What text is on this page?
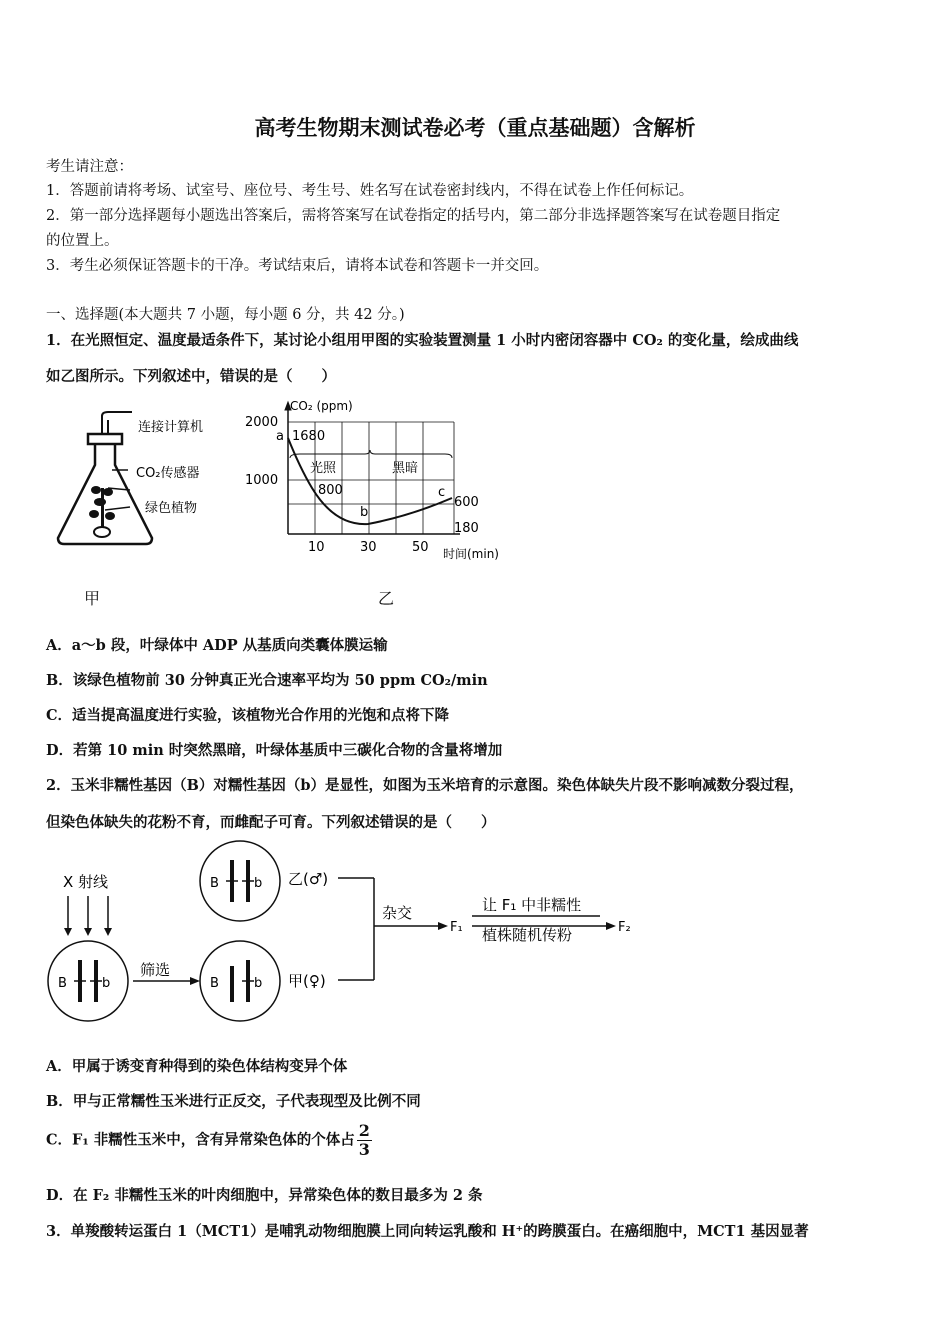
高考生物期末测试卷必考（重点基础题）含解析
考生请注意：
1．答题前请将考场、试室号、座位号、考生号、姓名写在试卷密封线内，不得在试卷上作任何标记。
2．第一部分选择题每小题选出答案后，需将答案写在试卷指定的括号内，第二部分非选择题答案写在试卷题目指定
的位置上。
3．考生必须保证答题卡的干净。考试结束后，请将本试卷和答题卡一并交回。
一、选择题(本大题共 7 小题，每小题 6 分，共 42 分。)
1．在光照恒定、温度最适条件下，某讨论小组用甲图的实验装置测量 1 小时内密闭容器中 CO₂ 的变化量，绘成曲线
如乙图所示。下列叙述中，错误的是（　　）
连接计算机
CO₂传感器
绿色植物
甲
CO₂ (ppm)
2000
1000
a 1680
光照	黑暗
800
b
c
600
180
10	30	50 时间(min)
乙
A．a～b 段，叶绿体中 ADP 从基质向类囊体膜运输
B．该绿色植物前 30 分钟真正光合速率平均为 50 ppm CO₂/min
C．适当提高温度进行实验，该植物光合作用的光饱和点将下降
D．若第 10 min 时突然黑暗，叶绿体基质中三碳化合物的含量将增加
2．玉米非糯性基因（B）对糯性基因（b）是显性，如图为玉米培育的示意图。染色体缺失片段不影响减数分裂过程，
但染色体缺失的花粉不育，而雌配子可育。下列叙述错误的是（　　）
X 射线
筛选
B	b
B	b	B	b
乙(♂)
甲(♀)
杂交
F₁
让 F₁ 中非糯性
植株随机传粉	F₂
A．甲属于诱变育种得到的染色体结构变异个体
B．甲与正常糯性玉米进行正反交，子代表现型及比例不同
C．F₁ 非糯性玉米中，含有异常染色体的个体占 $\frac{2}{3}$
D．在 F₂ 非糯性玉米的叶肉细胞中，异常染色体的数目最多为 2 条
3．单羧酸转运蛋白 1（MCT1）是哺乳动物细胞膜上同向转运乳酸和 H⁺的跨膜蛋白。在癌细胞中，MCT1 基因显著
